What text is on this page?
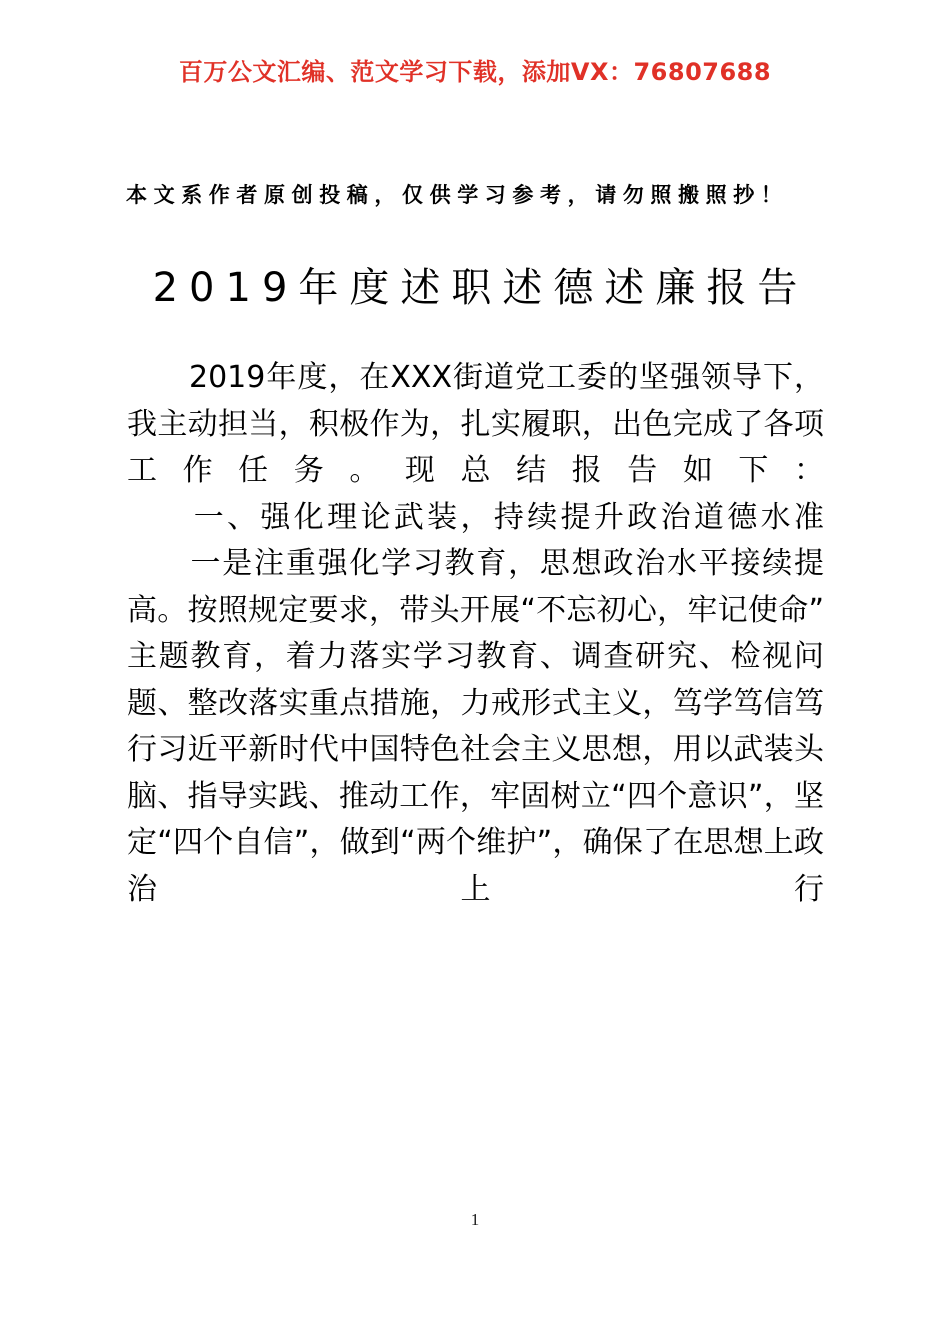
百万公文汇编、范文学习下载，添加VX：76807688
本文系作者原创投稿，仅供学习参考，请勿照搬照抄！
2019年度述职述德述廉报告

2019年度，在XXX街道党工委的坚强领导下，我主动担当，积极作为，扎实履职，出色完成了各项工作任务。现总结报告如下：

一、强化理论武装，持续提升政治道德水准

一是注重强化学习教育，思想政治水平接续提高。按照规定要求，带头开展“不忘初心，牢记使命”主题教育，着力落实学习教育、调查研究、检视问题、整改落实重点措施，力戒形式主义，笃学笃信笃行习近平新时代中国特色社会主义思想，用以武装头脑、指导实践、推动工作，牢固树立“四个意识”，坚定“四个自信”，做到“两个维护”，确保了在思想上政治上行

1
